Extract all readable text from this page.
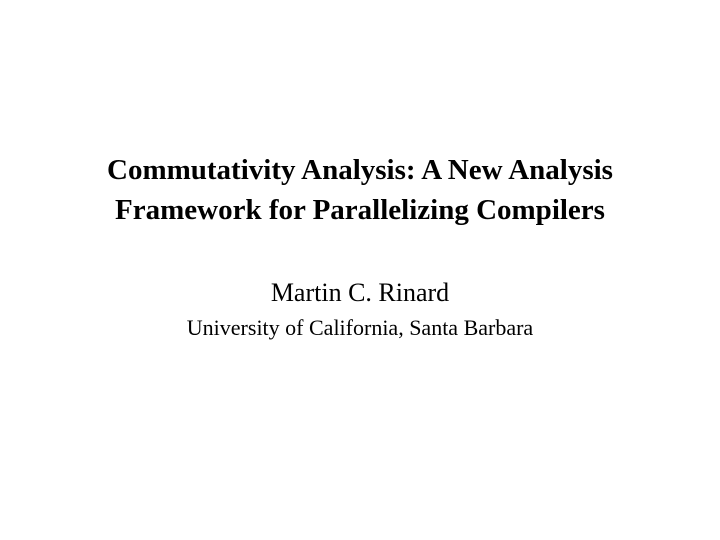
Commutativity Analysis: A New Analysis
Framework for Parallelizing Compilers

Martin C. Rinard

University of California, Santa Barbara
